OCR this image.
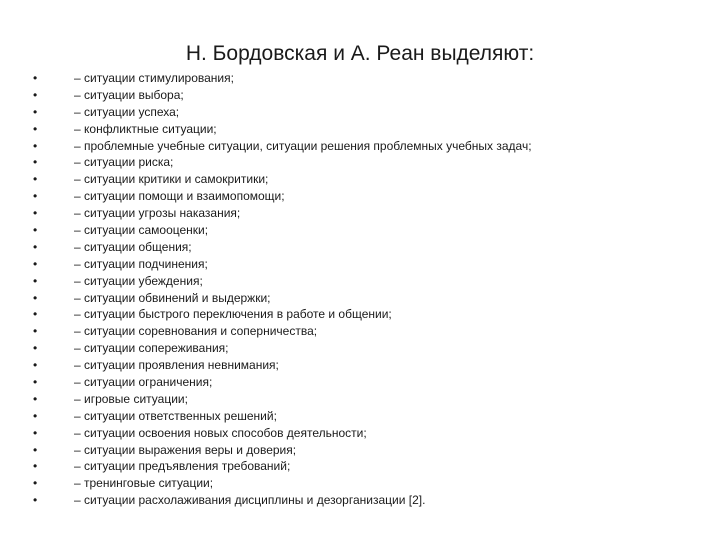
Н. Бордовская и А. Реан выделяют:
•	– ситуации стимулирования;
•	– ситуации выбора;
•	– ситуации успеха;
•	– конфликтные ситуации;
•	– проблемные учебные ситуации, ситуации решения проблемных учебных задач;
•	– ситуации риска;
•	– ситуации критики и самокритики;
•	– ситуации помощи и взаимопомощи;
•	– ситуации угрозы наказания;
•	– ситуации самооценки;
•	– ситуации общения;
•	– ситуации подчинения;
•	– ситуации убеждения;
•	– ситуации обвинений и выдержки;
•	– ситуации быстрого переключения в работе и общении;
•	– ситуации соревнования и соперничества;
•	– ситуации сопереживания;
•	– ситуации проявления невнимания;
•	– ситуации ограничения;
•	– игровые ситуации;
•	– ситуации ответственных решений;
•	– ситуации освоения новых способов деятельности;
•	– ситуации выражения веры и доверия;
•	– ситуации предъявления требований;
•	– тренинговые ситуации;
•	– ситуации расхолаживания дисциплины и дезорганизации [2].
